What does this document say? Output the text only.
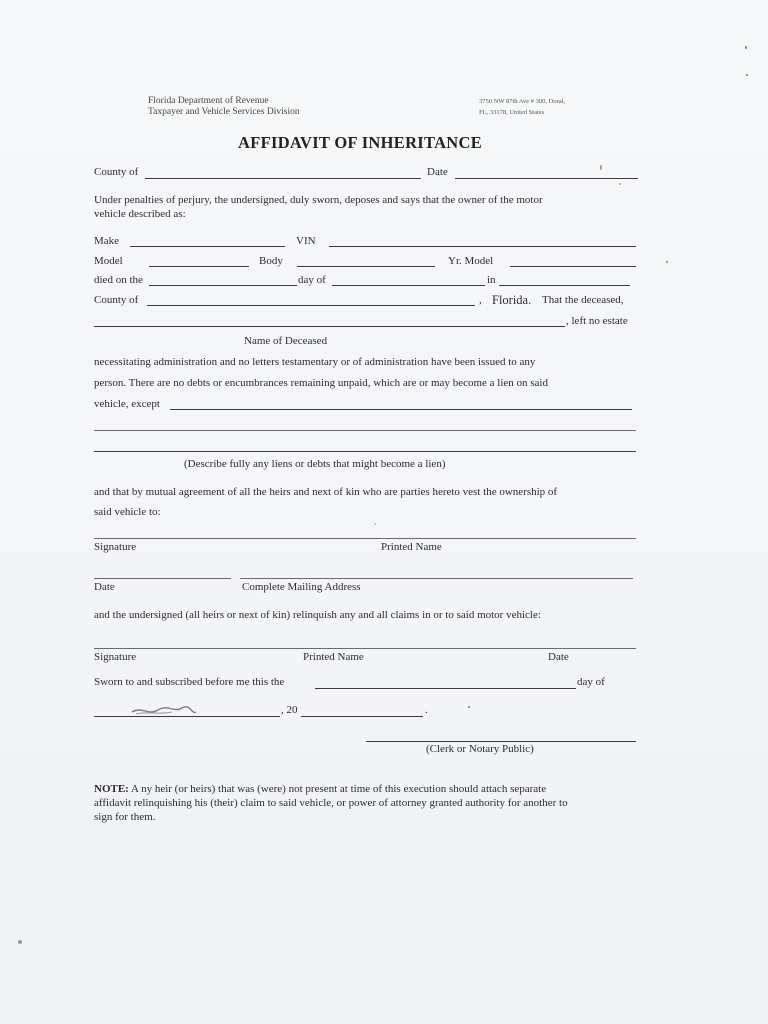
Florida Department of Revenue
Taxpayer and Vehicle Services Division
3750 NW 87th Ave # 300, Doral,
FL, 33178, United States
AFFIDAVIT OF INHERITANCE
County of	Date
Under penalties of perjury, the undersigned, duly sworn, deposes and says that the owner of the motor
vehicle described as:
Make	VIN
Model	Body	Yr. Model
died on the	day of	in
County of	, Florida. That the deceased,
, left no estate
Name of Deceased
necessitating administration and no letters testamentary or of administration have been issued to any
person. There are no debts or encumbrances remaining unpaid, which are or may become a lien on said
vehicle, except
(Describe fully any liens or debts that might become a lien)
and that by mutual agreement of all the heirs and next of kin who are parties hereto vest the ownership of
said vehicle to:
Signature	Printed Name
Date	Complete Mailing Address
and the undersigned (all heirs or next of kin) relinquish any and all claims in or to said motor vehicle:
Signature	Printed Name	Date
Sworn to and subscribed before me this the	day of
, 20	.
(Clerk or Notary Public)
NOTE: A ny heir (or heirs) that was (were) not present at time of this execution should attach separate
affidavit relinquishing his (their) claim to said vehicle, or power of attorney granted authority for another to
sign for them.
